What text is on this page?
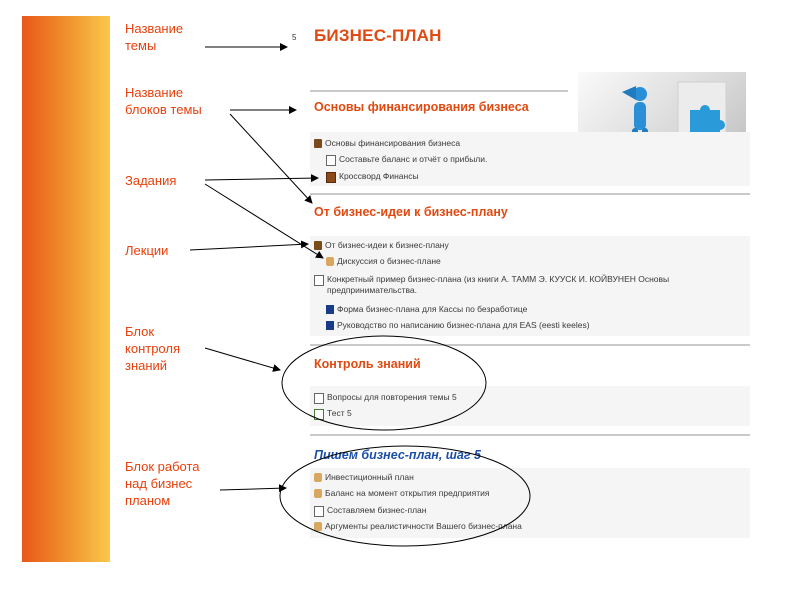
Название
темы
Название
блоков темы
Задания
Лекции
Блок
контроля
знаний
Блок работа
над бизнес
планом
5 БИЗНЕС-ПЛАН
Основы финансирования бизнеса
Основы финансирования бизнеса
Составьте баланс и отчёт о прибыли.
Кроссворд Финансы
От бизнес-идеи к бизнес-плану
От бизнес-идеи к бизнес-плану
Дискуссия о бизнес-плане
Конкретный пример бизнес-плана (из книги А. ТАММ Э. КУУСК И. КОЙВУНЕН Основы предпринимательства.
Форма бизнес-плана для Кассы по безработице
Руководство по написанию бизнес-плана для EAS (eesti keeles)
Контроль знаний
Вопросы для повторения темы 5
Тест 5
Пишем бизнес-план, шаг 5
Инвестиционный план
Баланс на момент открытия предприятия
Составляем бизнес-план
Аргументы реалистичности Вашего бизнес-плана
